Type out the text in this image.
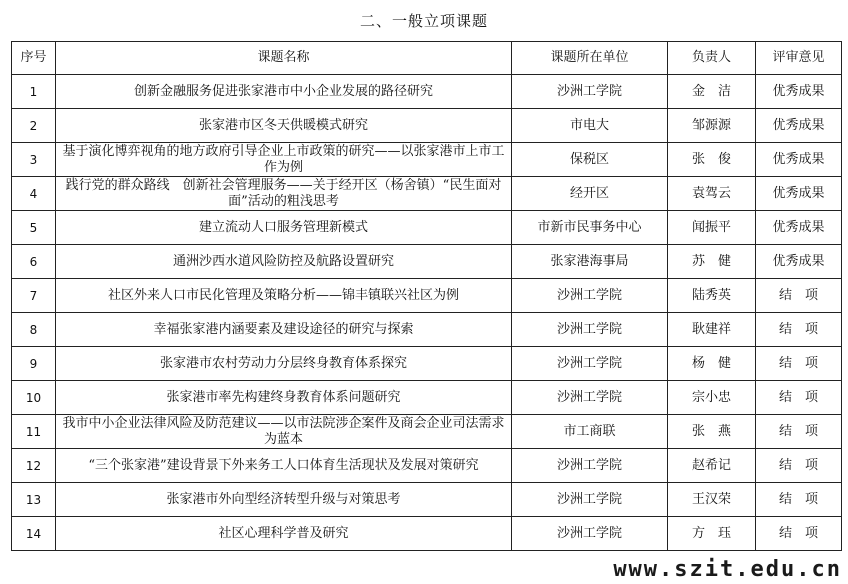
二、一般立项课题
序号	课题名称	课题所在单位	负责人	评审意见
1	创新金融服务促进张家港市中小企业发展的路径研究	沙洲工学院	金　洁	优秀成果
2	张家港市区冬天供暖模式研究	市电大	邹源源	优秀成果
3	基于演化博弈视角的地方政府引导企业上市政策的研究——以张家港市上市工作为例	保税区	张　俊	优秀成果
4	践行党的群众路线　创新社会管理服务——关于经开区（杨舍镇）“民生面对面”活动的粗浅思考	经开区	袁驾云	优秀成果
5	建立流动人口服务管理新模式	市新市民事务中心	闻振平	优秀成果
6	通洲沙西水道风险防控及航路设置研究	张家港海事局	苏　健	优秀成果
7	社区外来人口市民化管理及策略分析——锦丰镇联兴社区为例	沙洲工学院	陆秀英	结　项
8	幸福张家港内涵要素及建设途径的研究与探索	沙洲工学院	耿建祥	结　项
9	张家港市农村劳动力分层终身教育体系探究	沙洲工学院	杨　健	结　项
10	张家港市率先构建终身教育体系问题研究	沙洲工学院	宗小忠	结　项
11	我市中小企业法律风险及防范建议——以市法院涉企案件及商会企业司法需求为蓝本	市工商联	张　燕	结　项
12	“三个张家港”建设背景下外来务工人口体育生活现状及发展对策研究	沙洲工学院	赵希记	结　项
13	张家港市外向型经济转型升级与对策思考	沙洲工学院	王汉荣	结　项
14	社区心理科学普及研究	沙洲工学院	方　珏	结　项
www.szit.edu.cn
